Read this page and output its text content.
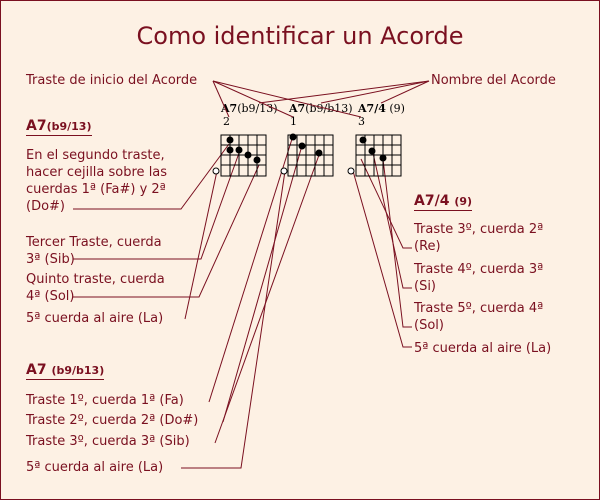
Como identificar un Acorde
Traste de inicio del Acorde	Nombre del Acorde
A7(b9/13) A7(b9/b13) A7/4 (9)
2	1	3
A7(b9/13)
En el segundo traste,
hacer cejilla sobre las
cuerdas 1ª (Fa#) y 2ª
(Do#)
Tercer Traste, cuerda
3ª (Sib)
Quinto traste, cuerda
4ª (Sol)
5ª cuerda al aire (La)
A7 (b9/b13)
Traste 1º, cuerda 1ª (Fa)
Traste 2º, cuerda 2ª (Do#)
Traste 3º, cuerda 3ª (Sib)
5ª cuerda al aire (La)
A7/4 (9)
Traste 3º, cuerda 2ª
(Re)
Traste 4º, cuerda 3ª
(Si)
Traste 5º, cuerda 4ª
(Sol)
5ª cuerda al aire (La)
